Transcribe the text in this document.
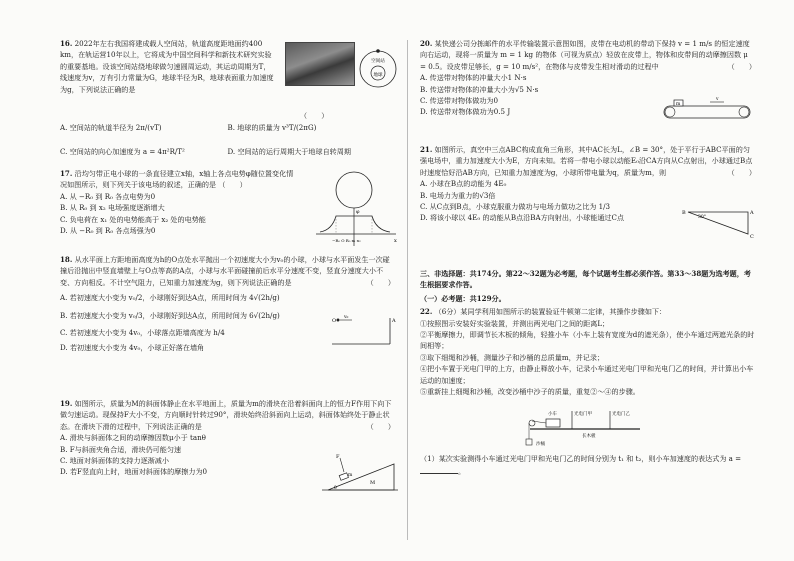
16. 2022年左右我国将建成载人空间站，轨道高度距地面约400 km，在轨运营10年以上，它将成为中国空间科学和新技术研究实验的重要基地。设该空间站绕地球做匀速圆周运动，其运动周期为T，线速度为v，万有引力常量为G，地球半径为R，地球表面重力加速度为g，下列说法正确的是
空间站
地球
（　　）
A. 空间站的轨道半径为 2π/(vT)	B. 地球的质量为 v³T/(2πG)
C. 空间站的向心加速度为 a = 4π²R/T²	D. 空间站的运行周期大于地球自转周期
17. 沿均匀带正电小球的一条直径建立x轴，x轴上各点电势φ随位置变化情况如图所示，则下列关于该电场的叙述，正确的是 （　　）
A. 从 −R₀ 到 R₀ 各点电势为0
B. 从 R₀ 到 x₂ 电场强度逐渐增大
C. 负电荷在 x₁ 处的电势能高于 x₂ 处的电势能
D. 从 −R₀ 到 R₀ 各点场强为0
x
φ
−R₀ O R₀ x₁ x₂
18. 从水平面上方距地面高度为h的O点处水平抛出一个初速度大小为v₀的小球，小球与水平面发生一次碰撞后沿抛出中竖直墙壁上与O点等高的A点，小球与水平面碰撞前后水平分速度不变，竖直分速度大小不变、方向相反。不计空气阻力，已知重力加速度为g，则下列说法正确的是	（　　）
A. 若初速度大小变为 v₀/2，小球刚好到达A点，所用时间为 4√(2h/g)
B. 若初速度大小变为 v₀/3，小球刚好到达A点，所用时间为 6√(2h/g)
C. 若初速度大小变为 4v₀，小球落点距墙高度为 h/4
D. 若初速度大小变为 4v₀，小球正好落在墙角
O
v₀
A
19. 如图所示，质量为M的斜面体静止在水平地面上，质量为m的滑块在沿着斜面向上的恒力F作用下向下做匀速运动。现保持F大小不变，方向顺时针转过90°，滑块始终沿斜面向上运动，斜面体始终处于静止状态。在滑块下滑的过程中，下列说法正确的是	（　　）
A. 滑块与斜面体之间的动摩擦因数μ小于 tanθ
B. F与斜面夹角合适，滑块仍可能匀速
C. 地面对斜面体的支持力逐渐减小
D. 若F竖直向上时，地面对斜面体的摩擦力为0
F
m
M
θ
20. 某快递公司分拣邮件的水平传输装置示意图如图，皮带在电动机的带动下保持 v = 1 m/s 的恒定速度向右运动，现将一质量为 m = 1 kg 的物体（可视为质点）轻放在皮带上，物体和皮带间的动摩擦因数 μ = 0.5。设皮带足够长，g = 10 m/s²，在物体与皮带发生相对滑动的过程中	（　　）
A. 传送带对物体的冲量大小1 N·s
B. 传送带对物体的冲量大小为√5 N·s
C. 传送带对物体做功为0
D. 传送带对物体做功为0.5 J
m
v
21. 如图所示，真空中三点ABC构成直角三角形，其中AC长为L，∠B = 30°，处于平行于ABC平面的匀强电场中，重力加速度大小为E，方向未知。若将一带电小球以动能E₀沿CA方向从C点射出，小球通过B点时速度恰好沿AB方向，已知重力加速度为g，小球所带电量为q，质量为m，则	（　　）
A. 小球在B点的动能为 4E₀
B. 电场力为重力的√3倍
C. 从C点到B点，小球克服重力做功与电场力做功之比为 1/3
D. 将该小球以 4E₀ 的动能从B点沿BA方向射出，小球能通过C点
B	A
C
30°
三、非选择题：共174分。第22～32题为必考题，每个试题考生都必须作答。第33～38题为选考题，考生根据要求作答。
（一）必考题：共129分。
22. （6分）某同学利用如图所示的装置验证牛顿第二定律，其操作步骤如下：
①按照图示安装好实验装置，并测出两光电门之间的距离L；
②平衡摩擦力，即调节长木板的倾角，轻推小车（小车上装有宽度为d的遮光条），使小车通过两遮光条的时间相等；
③取下细绳和沙桶，测量沙子和沙桶的总质量m，并记录；
④把小车置于光电门甲的上方，由静止释放小车，记录小车通过光电门甲和光电门乙的时间，并计算出小车运动的加速度；
⑤重新挂上细绳和沙桶，改变沙桶中沙子的质量，重复②～④的步骤。
小车	光电门甲	光电门乙
长木板
沙桶
（1）某次实验测得小车通过光电门甲和光电门乙的时间分别为 t₁ 和 t₂，则小车加速度的表达式为 a = 。
